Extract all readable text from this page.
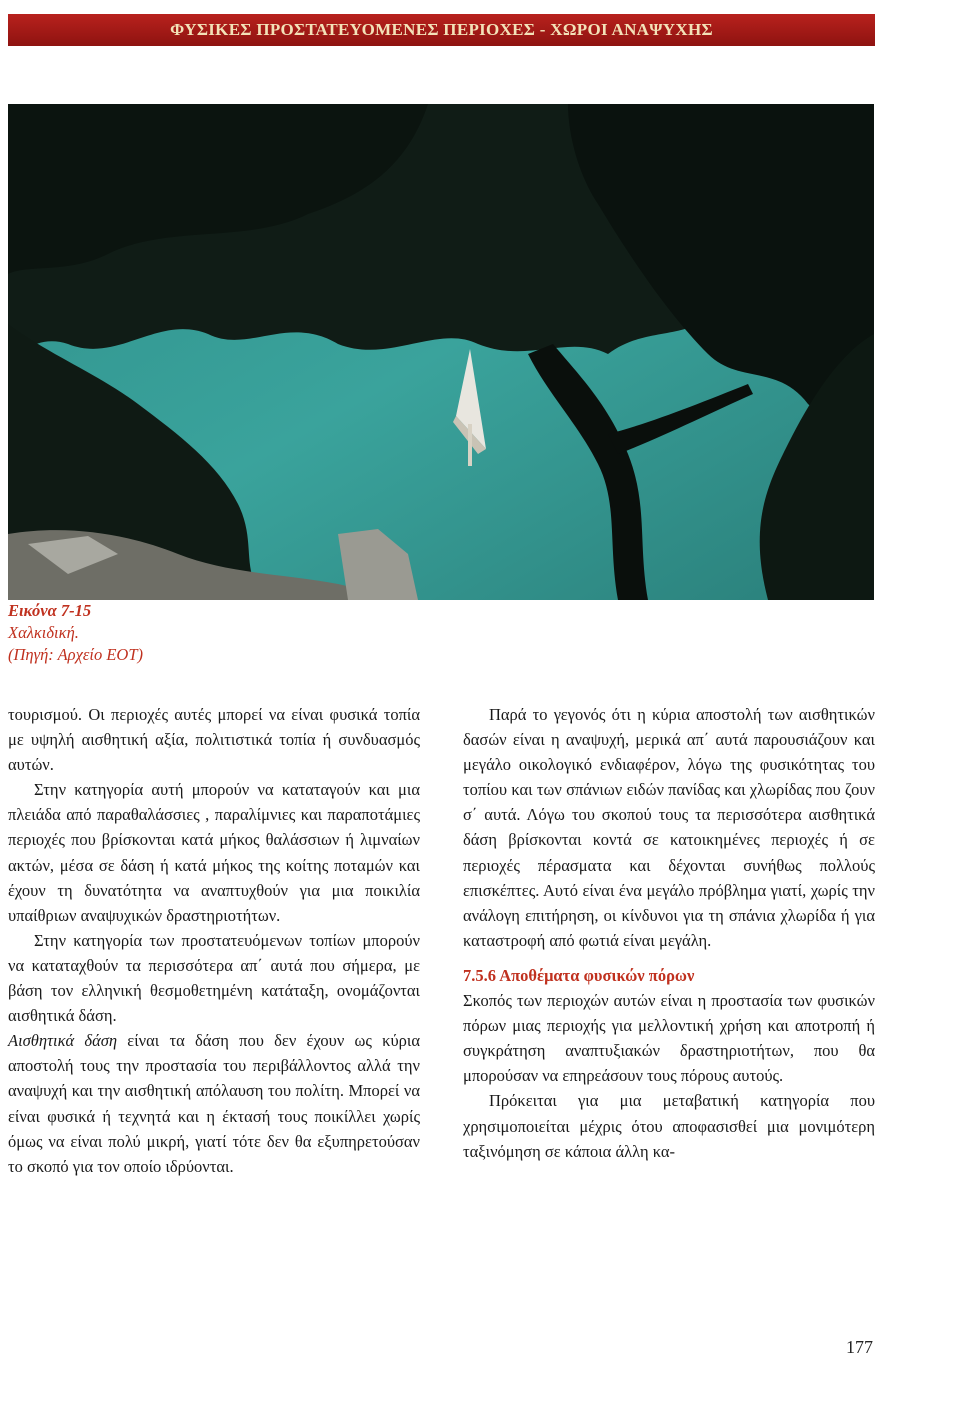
ΦΥΣΙΚΕΣ ΠΡΟΣΤΑΤΕΥΟΜΕΝΕΣ ΠΕΡΙΟΧΕΣ - ΧΩΡΟΙ ΑΝΑΨΥΧΗΣ
Εικόνα 7-15
Χαλκιδική.
(Πηγή: Αρχείο ΕΟΤ)

τουρισμού. Οι περιοχές αυτές μπορεί να είναι φυσικά τοπία με υψηλή αισθητική αξία, πολιτιστικά τοπία ή συνδυασμός αυτών.

Στην κατηγορία αυτή μπορούν να καταταγούν και μια πλειάδα από παραθαλάσσιες , παραλίμνιες και παραποτάμιες περιοχές που βρίσκονται κατά μήκος θαλάσσιων ή λιμναίων ακτών, μέσα σε δάση ή κατά μήκος της κοίτης ποταμών και έχουν τη δυνατότητα να αναπτυχθούν για μια ποικιλία υπαίθριων αναψυχικών δραστηριοτήτων.

Στην κατηγορία των προστατευόμενων τοπίων μπορούν να καταταχθούν τα περισσότερα απ΄ αυτά που σήμερα, με βάση τον ελληνική θεσμοθετημένη κατάταξη, ονομάζονται αισθητικά δάση.

Αισθητικά δάση είναι τα δάση που δεν έχουν ως κύρια αποστολή τους την προστασία του περιβάλλοντος αλλά την αναψυχή και την αισθητική απόλαυση του πολίτη. Μπορεί να είναι φυσικά ή τεχνητά και η έκτασή τους ποικίλλει χωρίς όμως να είναι πολύ μικρή, γιατί τότε δεν θα εξυπηρετούσαν το σκοπό για τον οποίο ιδρύονται.

Παρά το γεγονός ότι η κύρια αποστολή των αισθητικών δασών είναι η αναψυχή, μερικά απ΄ αυτά παρουσιάζουν και μεγάλο οικολογικό ενδιαφέρον, λόγω της φυσικότητας του τοπίου και των σπάνιων ειδών πανίδας και χλωρίδας που ζουν σ΄ αυτά. Λόγω του σκοπού τους τα περισσότερα αισθητικά δάση βρίσκονται κοντά σε κατοικημένες περιοχές ή σε περιοχές πέρασματα και δέχονται συνήθως πολλούς επισκέπτες. Αυτό είναι ένα μεγάλο πρόβλημα γιατί, χωρίς την ανάλογη επιτήρηση, οι κίνδυνοι για τη σπάνια χλωρίδα ή για καταστροφή από φωτιά είναι μεγάλη.

7.5.6 Αποθέματα φυσικών πόρων

Σκοπός των περιοχών αυτών είναι η προστασία των φυσικών πόρων μιας περιοχής για μελλοντική χρήση και αποτροπή ή συγκράτηση αναπτυξιακών δραστηριοτήτων, που θα μπορούσαν να επηρεάσουν τους πόρους αυτούς.

Πρόκειται για μια μεταβατική κατηγορία που χρησιμοποιείται μέχρις ότου αποφασισθεί μια μονιμότερη ταξινόμηση σε κάποια άλλη κα-

177
